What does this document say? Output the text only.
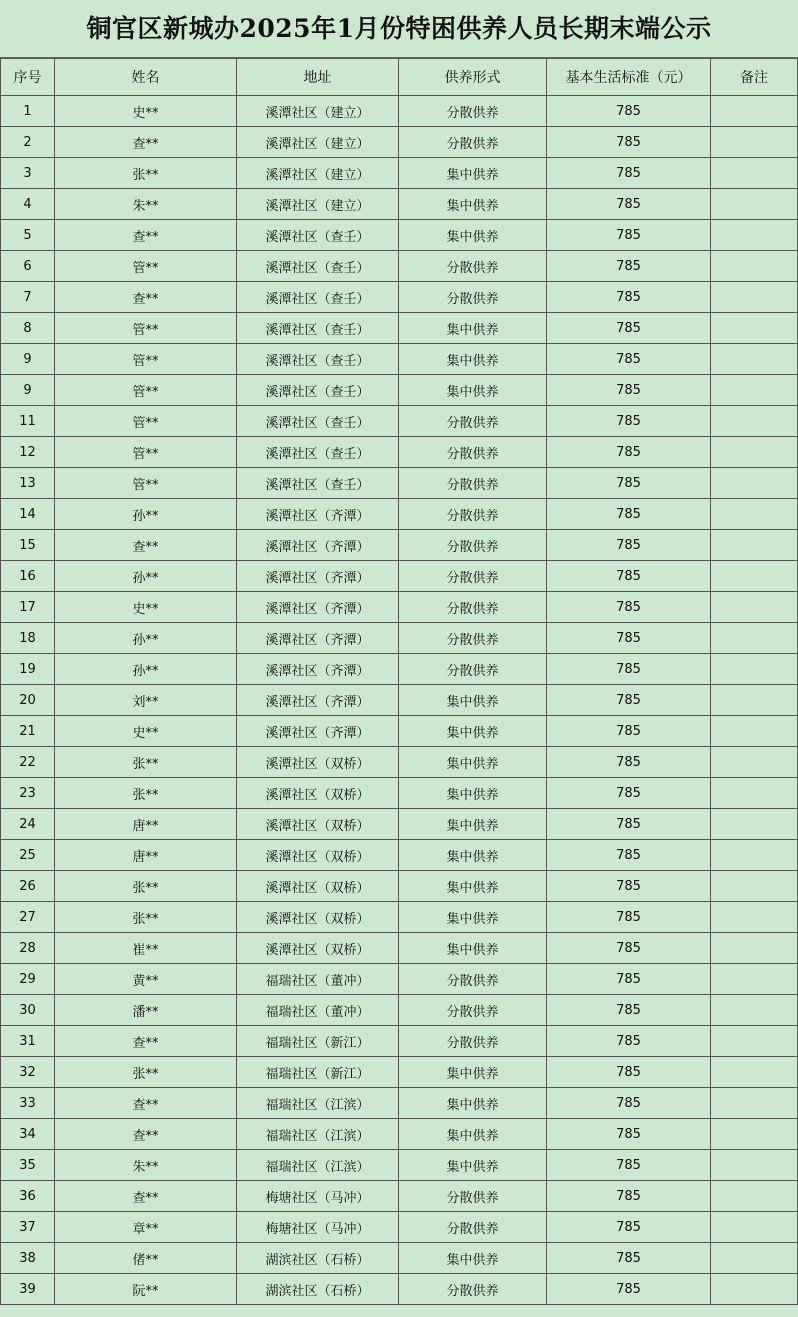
铜官区新城办2025年1月份特困供养人员长期末端公示
序号	姓名	地址	供养形式	基本生活标准（元）	备注
1	史**	溪潭社区（建立）	分散供养	785	
2	查**	溪潭社区（建立）	分散供养	785	
3	张**	溪潭社区（建立）	集中供养	785	
4	朱**	溪潭社区（建立）	集中供养	785	
5	查**	溪潭社区（查壬）	集中供养	785	
6	管**	溪潭社区（查壬）	分散供养	785	
7	查**	溪潭社区（查壬）	分散供养	785	
8	管**	溪潭社区（查壬）	集中供养	785	
9	管**	溪潭社区（查壬）	集中供养	785	
9	管**	溪潭社区（查壬）	集中供养	785	
11	管**	溪潭社区（查壬）	分散供养	785	
12	管**	溪潭社区（查壬）	分散供养	785	
13	管**	溪潭社区（查壬）	分散供养	785	
14	孙**	溪潭社区（齐潭）	分散供养	785	
15	查**	溪潭社区（齐潭）	分散供养	785	
16	孙**	溪潭社区（齐潭）	分散供养	785	
17	史**	溪潭社区（齐潭）	分散供养	785	
18	孙**	溪潭社区（齐潭）	分散供养	785	
19	孙**	溪潭社区（齐潭）	分散供养	785	
20	刘**	溪潭社区（齐潭）	集中供养	785	
21	史**	溪潭社区（齐潭）	集中供养	785	
22	张**	溪潭社区（双桥）	集中供养	785	
23	张**	溪潭社区（双桥）	集中供养	785	
24	唐**	溪潭社区（双桥）	集中供养	785	
25	唐**	溪潭社区（双桥）	集中供养	785	
26	张**	溪潭社区（双桥）	集中供养	785	
27	张**	溪潭社区（双桥）	集中供养	785	
28	崔**	溪潭社区（双桥）	集中供养	785	
29	黄**	福瑞社区（董冲）	分散供养	785	
30	潘**	福瑞社区（董冲）	分散供养	785	
31	查**	福瑞社区（新江）	分散供养	785	
32	张**	福瑞社区（新江）	集中供养	785	
33	查**	福瑞社区（江滨）	集中供养	785	
34	查**	福瑞社区（江滨）	集中供养	785	
35	朱**	福瑞社区（江滨）	集中供养	785	
36	查**	梅塘社区（马冲）	分散供养	785	
37	章**	梅塘社区（马冲）	分散供养	785	
38	偖**	湖滨社区（石桥）	集中供养	785	
39	阮**	湖滨社区（石桥）	分散供养	785	
